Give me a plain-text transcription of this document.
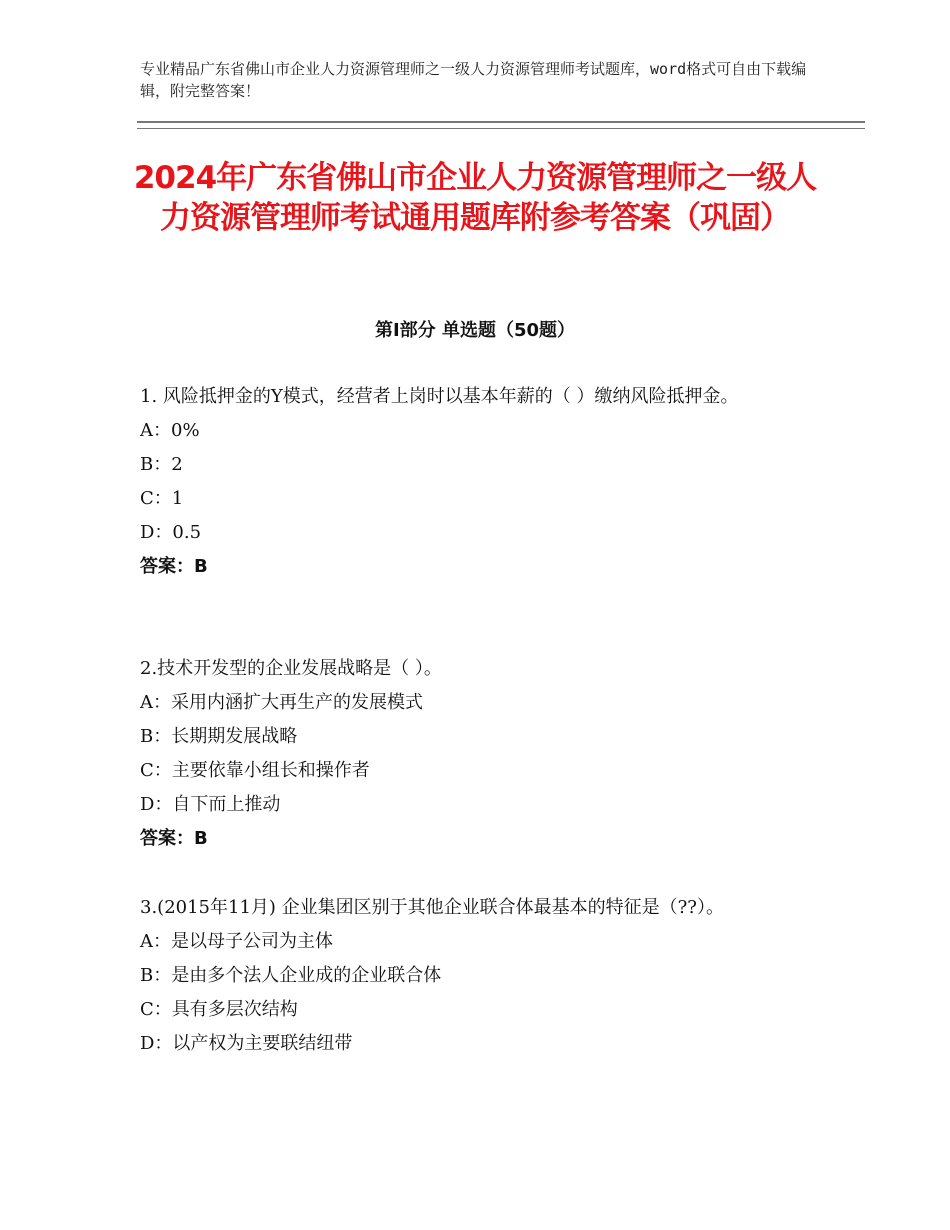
专业精品广东省佛山市企业人力资源管理师之一级人力资源管理师考试题库，word格式可自由下载编辑，附完整答案！
2024年广东省佛山市企业人力资源管理师之一级人力资源管理师考试通用题库附参考答案（巩固）
第Ⅰ部分 单选题（50题）
1. 风险抵押金的Y模式，经营者上岗时以基本年薪的（ ）缴纳风险抵押金。
A：0%
B：2
C：1
D：0.5
答案：B
2.技术开发型的企业发展战略是（ ）。
A：采用内涵扩大再生产的发展模式
B：长期期发展战略
C：主要依靠小组长和操作者
D：自下而上推动
答案：B
3.(2015年11月) 企业集团区别于其他企业联合体最基本的特征是（??）。
A：是以母子公司为主体
B：是由多个法人企业成的企业联合体
C：具有多层次结构
D：以产权为主要联结纽带
